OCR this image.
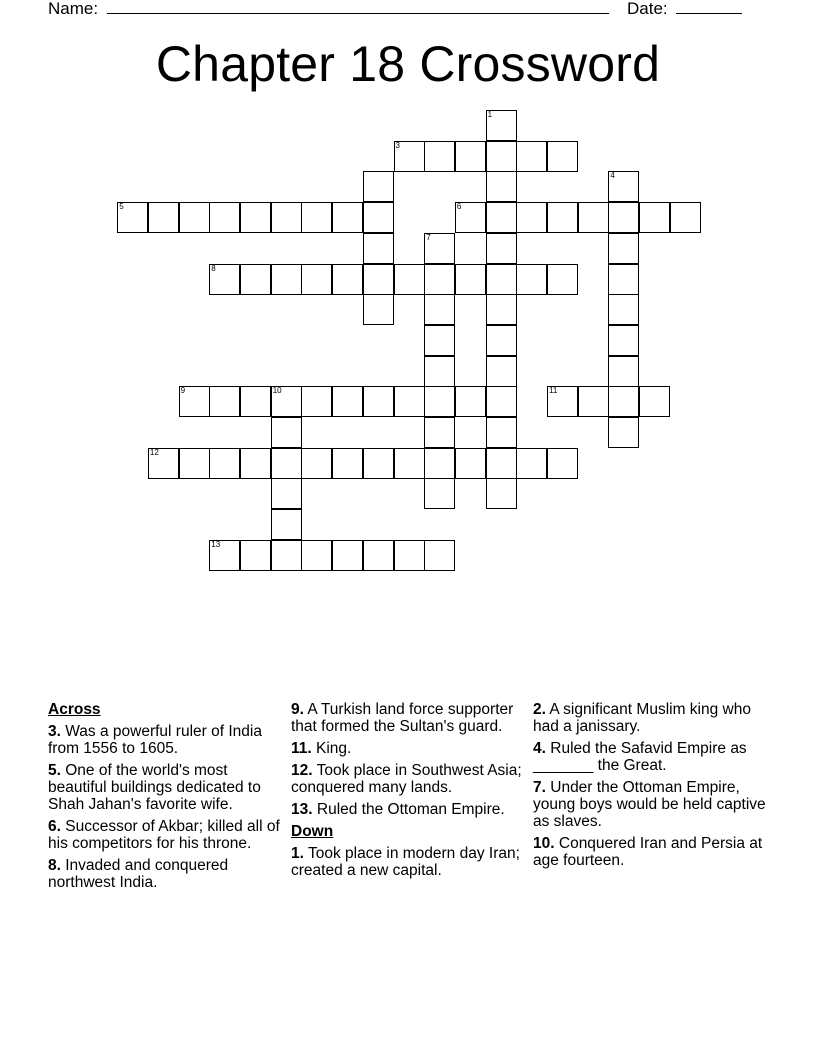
Name:	Date:
Chapter 18 Crossword
1
3
4
5	6
7
8
9	10	11
12
13
Across
3. Was a powerful ruler of India from 1556 to 1605.
5. One of the world's most beautiful buildings dedicated to Shah Jahan's favorite wife.
6. Successor of Akbar; killed all of his competitors for his throne.
8. Invaded and conquered northwest India.
9. A Turkish land force supporter that formed the Sultan's guard.
11. King.
12. Took place in Southwest Asia; conquered many lands.
13. Ruled the Ottoman Empire.
Down
1. Took place in modern day Iran; created a new capital.
2. A significant Muslim king who had a janissary.
4. Ruled the Safavid Empire as _______ the Great.
7. Under the Ottoman Empire, young boys would be held captive as slaves.
10. Conquered Iran and Persia at age fourteen.
